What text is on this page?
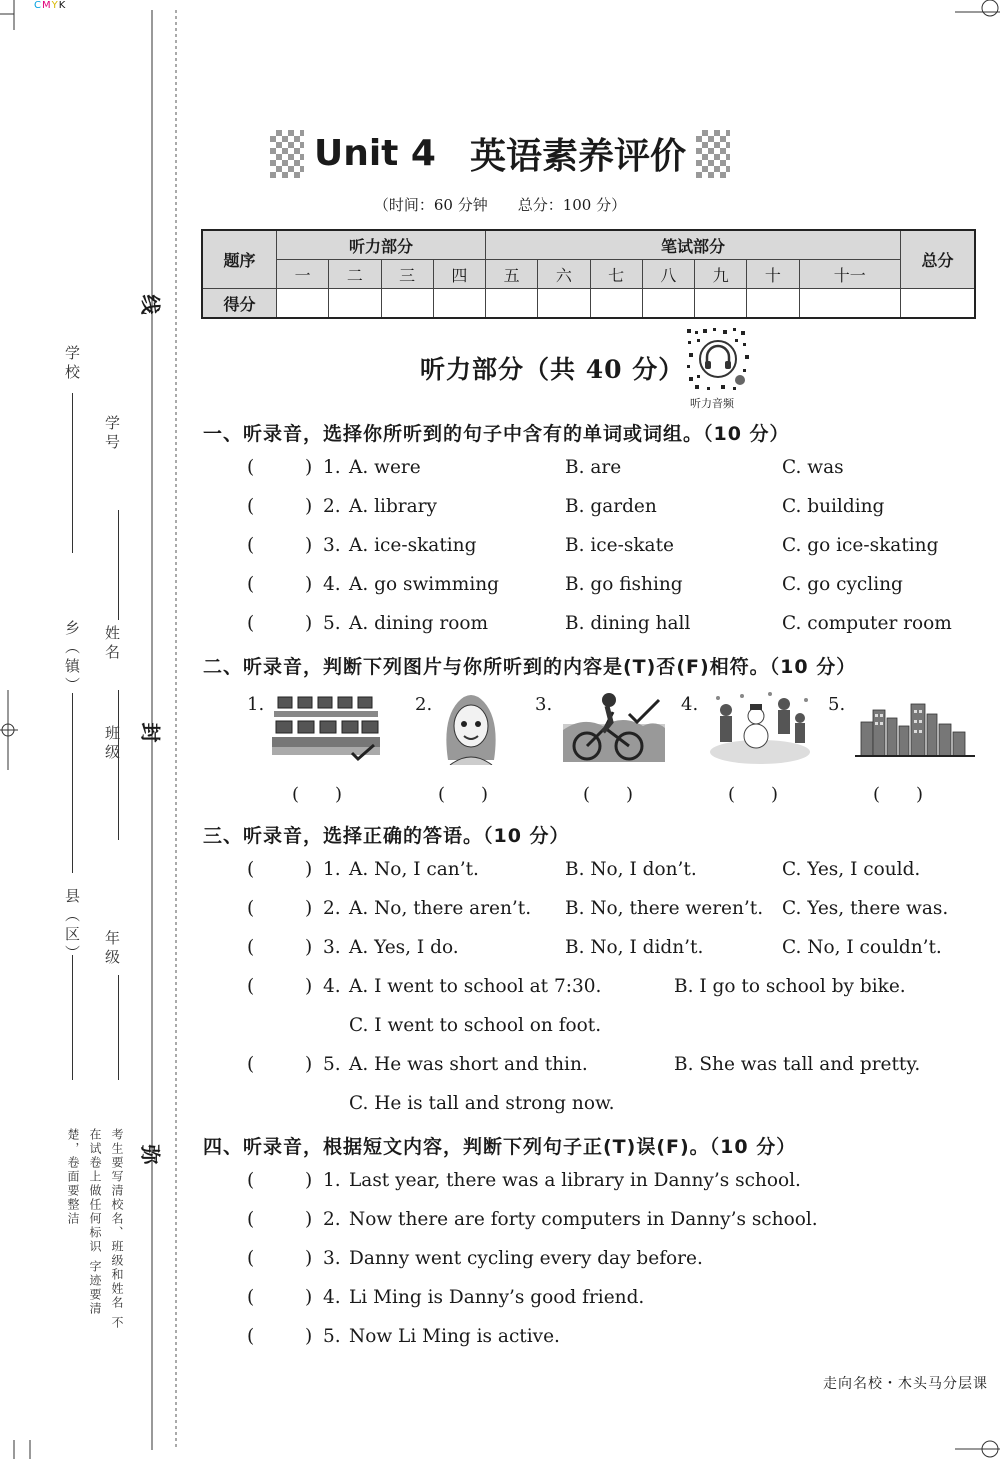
CMYK
线
封
弥
学校
学号
姓名
乡（镇）
班级
县（区） 年级
考生要写清校名、班级和姓名 不在试卷上做任何标识 字迹要清楚，卷面要整洁
Unit 4 英语素养评价
（时间：60 分钟　　总分：100 分）
题序	听力部分				笔试部分							总分
	一	二	三	四	五	六	七	八	九	十	十一	
得分												
听力部分（共 40 分）
听力音频
一、听录音，选择你所听到的句子中含有的单词或词组。（10 分）
(	) 1. A. were	B. are	C. was
(	) 2. A. library	B. garden	C. building
(	) 3. A. ice-skating	B. ice-skate	C. go ice-skating
(	) 4. A. go swimming	B. go fishing	C. go cycling
(	) 5. A. dining room	B. dining hall	C. computer room
二、听录音，判断下列图片与你所听到的内容是(T)否(F)相符。（10 分）
1.	2.	3.	4.	5.
(　　)	(　　)	(　　)	(　　)	(　　)
三、听录音，选择正确的答语。（10 分）
(	) 1. A. No, I can’t.	B. No, I don’t.	C. Yes, I could.
(	) 2. A. No, there aren’t. B. No, there weren’t. C. Yes, there was.
(	) 3. A. Yes, I do.	B. No, I didn’t.	C. No, I couldn’t.
(	) 4. A. I went to school at 7:30.	B. I go to school by bike.
C. I went to school on foot.
(	) 5. A. He was short and thin.	B. She was tall and pretty.
C. He is tall and strong now.
四、听录音，根据短文内容，判断下列句子正(T)误(F)。（10 分）
(	) 1. Last year, there was a library in Danny’s school.
(	) 2. Now there are forty computers in Danny’s school.
(	) 3. Danny went cycling every day before.
(	) 4. Li Ming is Danny’s good friend.
(	) 5. Now Li Ming is active.
走向名校・木头马分层课
